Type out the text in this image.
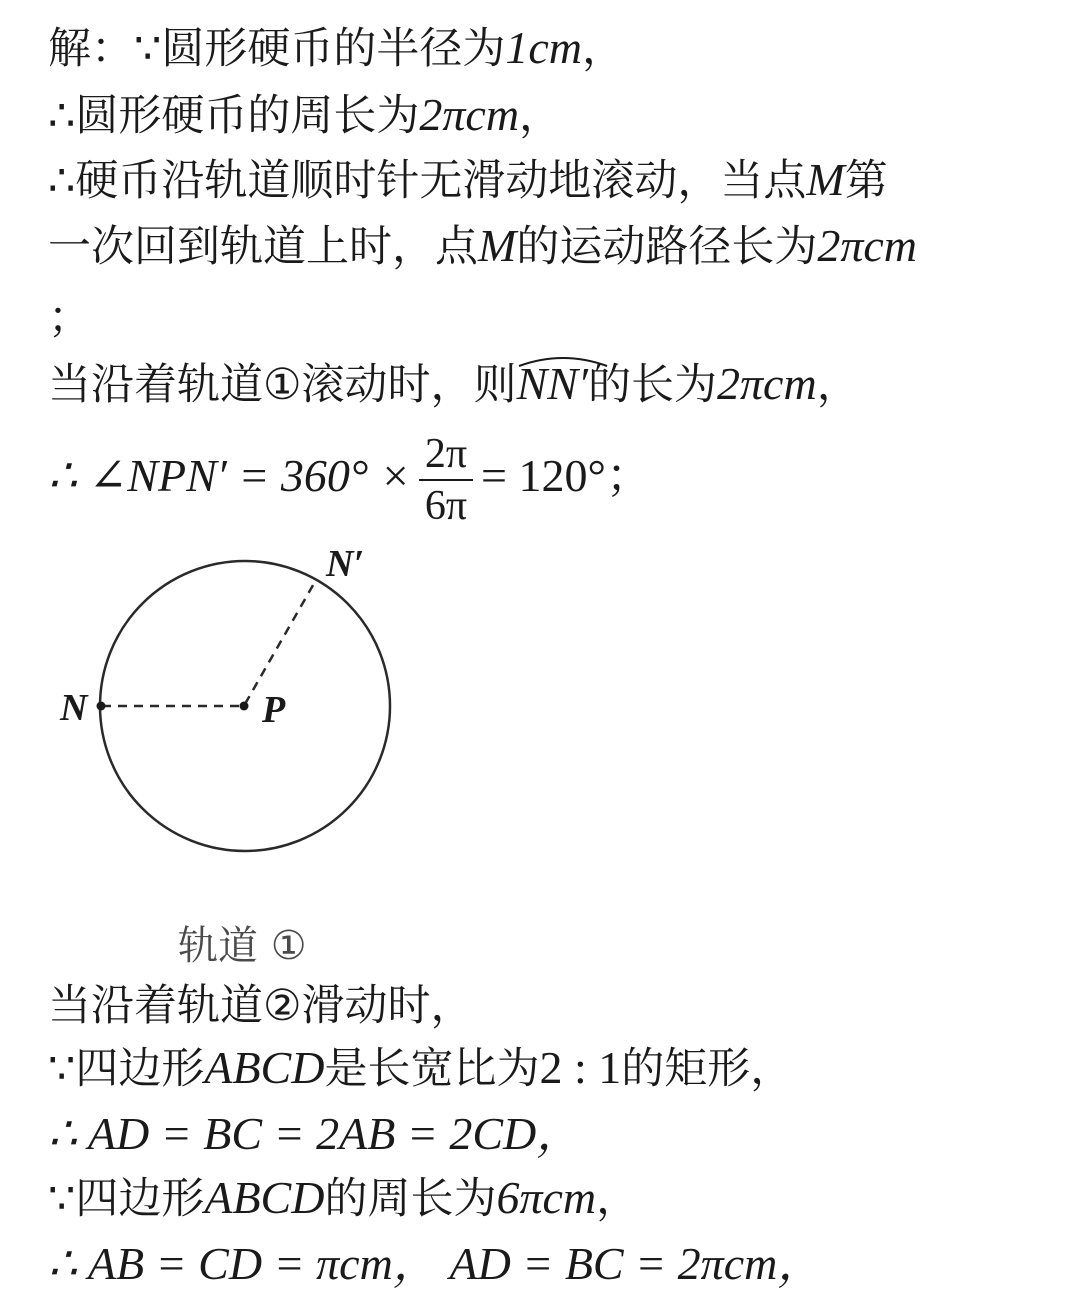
解：∵圆形硬币的半径为1cm，
∴圆形硬币的周长为2πcm，
∴硬币沿轨道顺时针无滑动地滚动，当点M第
一次回到轨道上时，点M的运动路径长为2πcm
；
当沿着轨道①滚动时，则
NN′的长为2πcm，
∴ ∠NPN′ = $360^\circ \times \frac{2\pi}{6\pi} = 120^\circ$；
N	P
N′
轨道 ①
当沿着轨道②滑动时，
∵四边形ABCD是长宽比为2 : 1的矩形，
∴ AD = BC = 2AB = 2CD，
∵四边形ABCD的周长为6πcm，
∴ AB = CD = πcm， AD = BC = 2πcm，
